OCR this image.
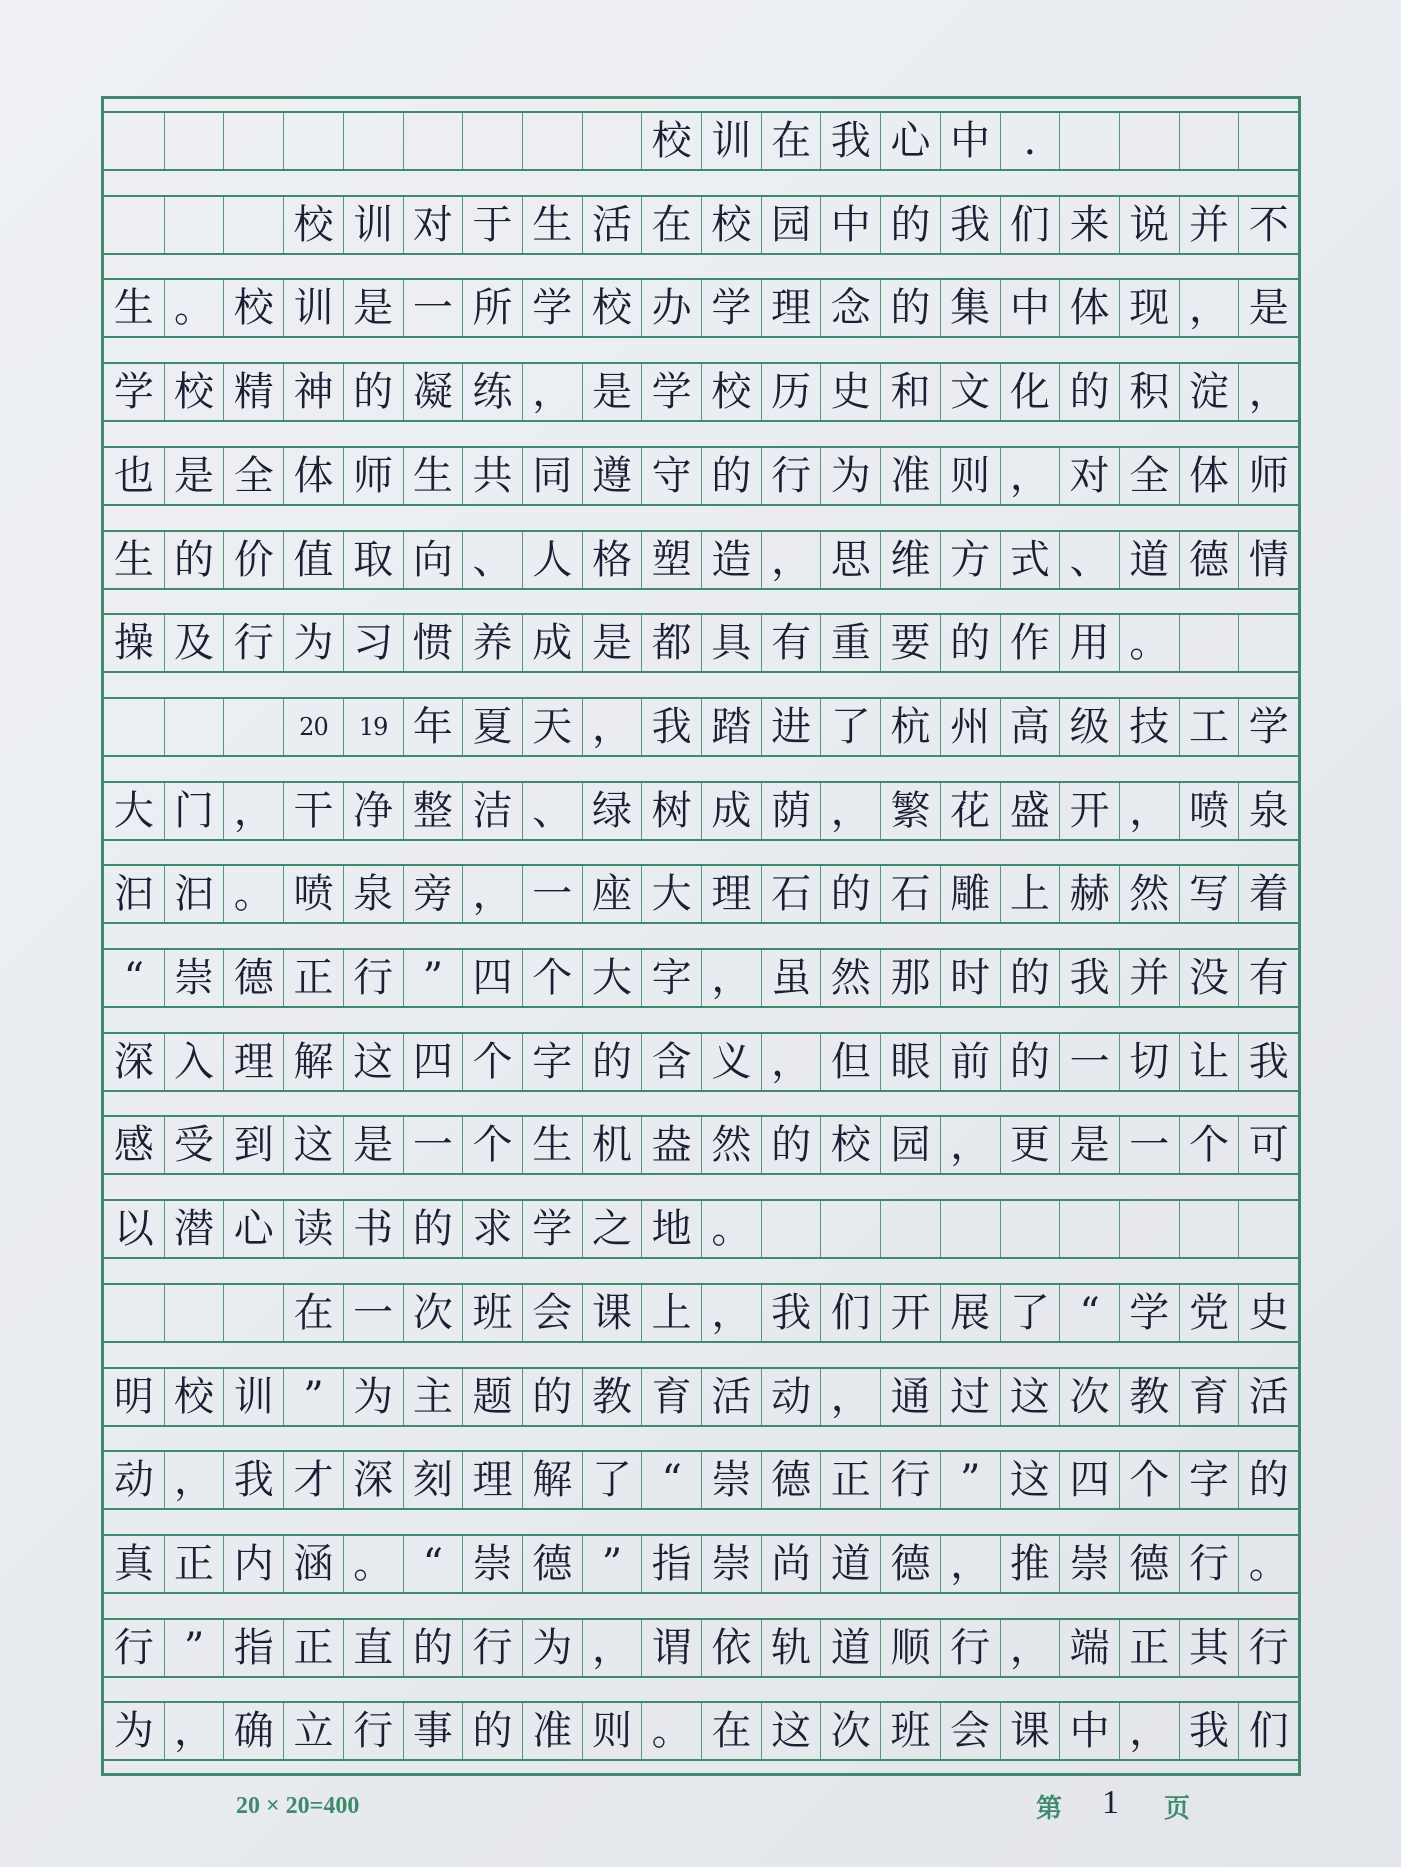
校 训 在 我 心 中 .
校 训 对 于 生 活 在 校 园 中 的 我 们 来 说 并 不
生 。 校 训 是 一 所 学 校 办 学 理 念 的 集 中 体 现 ， 是
学 校 精 神 的 凝 练 ， 是 学 校 历 史 和 文 化 的 积 淀 ，
也 是 全 体 师 生 共 同 遵 守 的 行 为 准 则 ， 对 全 体 师
生 的 价 值 取 向 、 人 格 塑 造 ， 思 维 方 式 、 道 德 情
操 及 行 为 习 惯 养 成 是 都 具 有 重 要 的 作 用 。
20 19 年 夏 天 ， 我 踏 进 了 杭 州 高 级 技 工 学
大 门 ， 干 净 整 洁 、 绿 树 成 荫 ， 繁 花 盛 开 ， 喷 泉
汩 汩 。 喷 泉 旁 ， 一 座 大 理 石 的 石 雕 上 赫 然 写 着
“ 崇 德 正 行 ” 四 个 大 字 ， 虽 然 那 时 的 我 并 没 有
深 入 理 解 这 四 个 字 的 含 义 ， 但 眼 前 的 一 切 让 我
感 受 到 这 是 一 个 生 机 盎 然 的 校 园 ， 更 是 一 个 可
以 潜 心 读 书 的 求 学 之 地 。
在 一 次 班 会 课 上 ， 我 们 开 展 了 “ 学 党 史
明 校 训 ” 为 主 题 的 教 育 活 动 ， 通 过 这 次 教 育 活
动 ， 我 才 深 刻 理 解 了 “ 崇 德 正 行 ” 这 四 个 字 的
真 正 内 涵 。 “ 崇 德 ” 指 崇 尚 道 德 ， 推 崇 德 行 。
行 ” 指 正 直 的 行 为 ， 谓 依 轨 道 顺 行 ， 端 正 其 行
为 ， 确 立 行 事 的 准 则 。 在 这 次 班 会 课 中 ， 我 们
20 × 20=400	第 1 页
